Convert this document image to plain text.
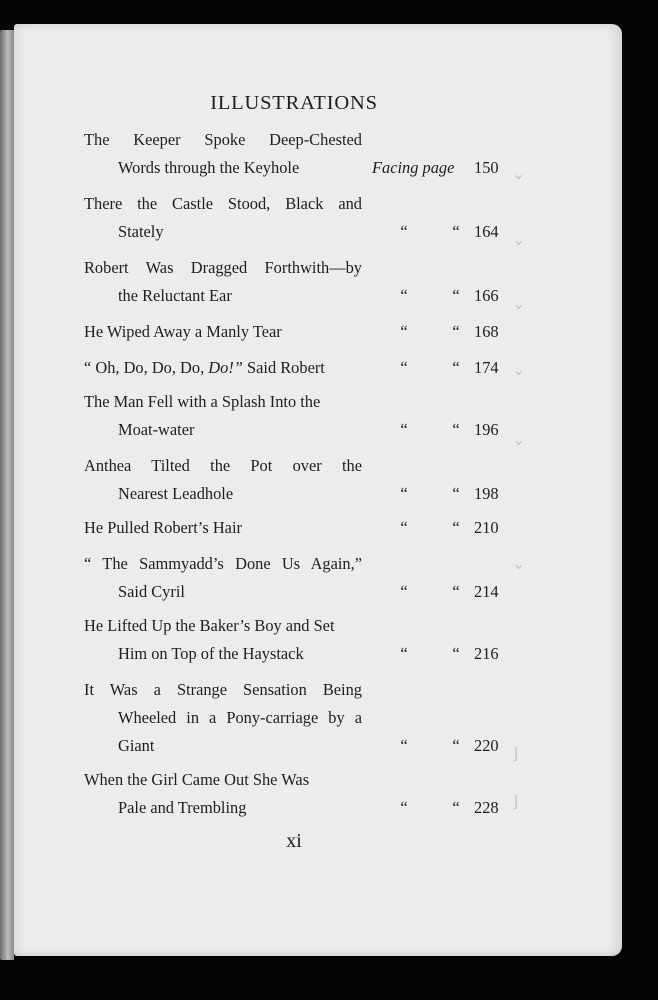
ILLUSTRATIONS
The Keeper Spoke Deep-Chested
Words through the Keyhole	Facing page	150
There the Castle Stood, Black and
Stately	“	“ 164
Robert Was Dragged Forthwith—by
the Reluctant Ear	“	“ 166
He Wiped Away a Manly Tear	“	“ 168
“ Oh, Do, Do, Do, Do!” Said Robert	“	“ 174
The Man Fell with a Splash Into the
Moat-water	“	“ 196
Anthea Tilted the Pot over the
Nearest Leadhole	“	“ 198
He Pulled Robert’s Hair	“	“ 210
“ The Sammyadd’s Done Us Again,”
Said Cyril	“	“ 214
He Lifted Up the Baker’s Boy and Set
Him on Top of the Haystack	“	“ 216
It Was a Strange Sensation Being
Wheeled in a Pony-carriage by a
Giant	“	“ 220
When the Girl Came Out She Was
Pale and Trembling	“	“ 228
xi
⌄
⌄
⌄
⌄
⌄
⌄
⌋
⌋
